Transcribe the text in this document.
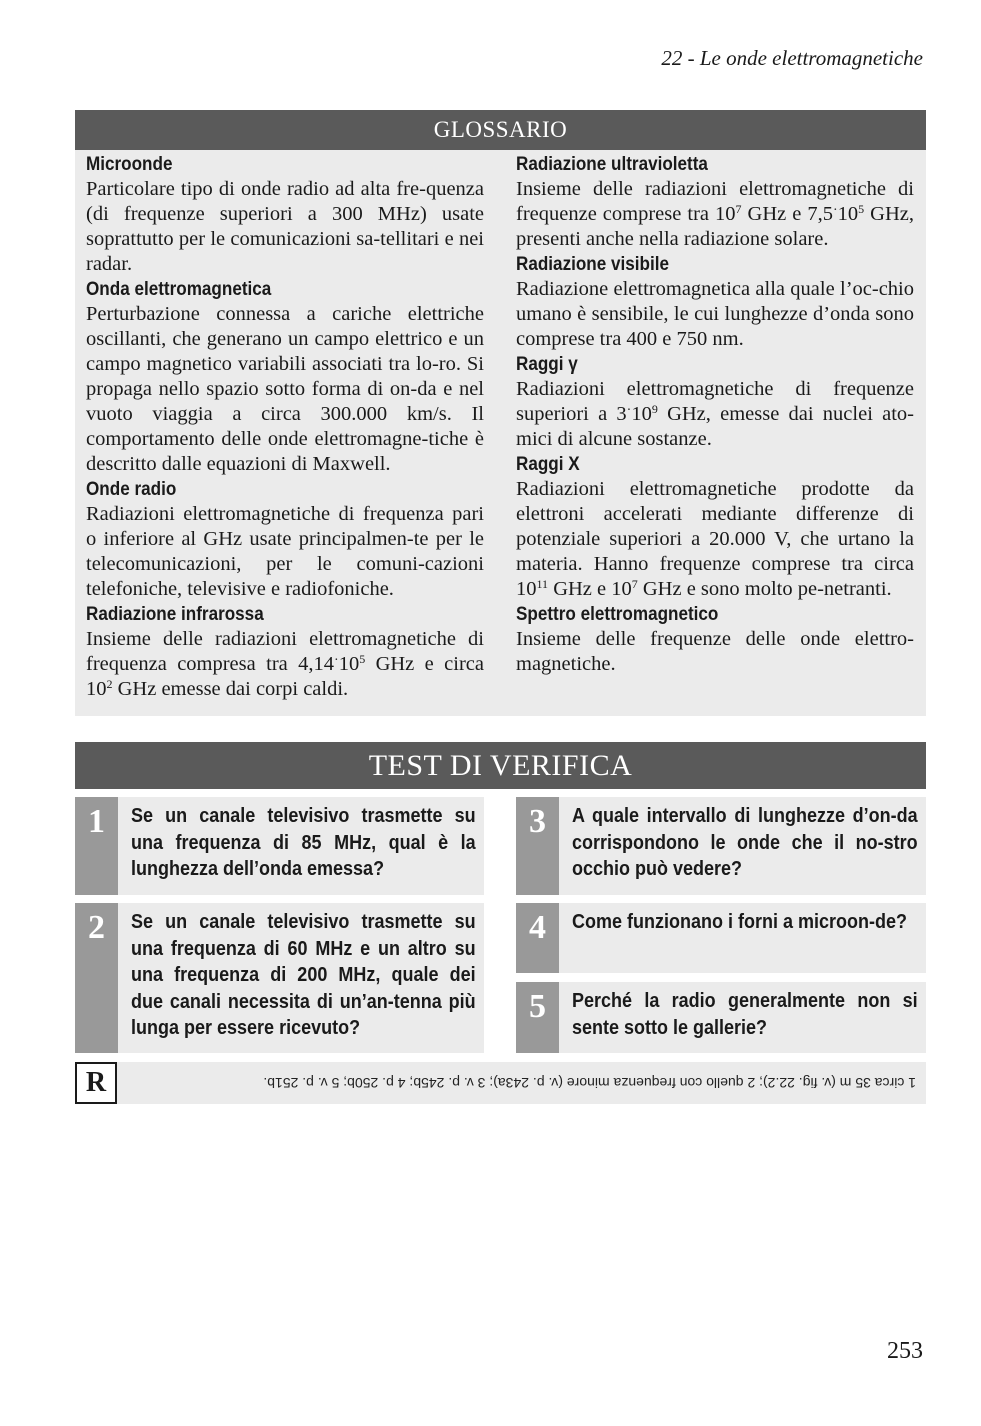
22 - Le onde elettromagnetiche
GLOSSARIO
Microonde
Particolare tipo di onde radio ad alta fre-quenza (di frequenze superiori a 300 MHz) usate soprattutto per le comunicazioni sa-tellitari e nei radar.
Onda elettromagnetica
Perturbazione connessa a cariche elettriche oscillanti, che generano un campo elettrico e un campo magnetico variabili associati tra lo-ro. Si propaga nello spazio sotto forma di on-da e nel vuoto viaggia a circa 300.000 km/s. Il comportamento delle onde elettromagne-tiche è descritto dalle equazioni di Maxwell.
Onde radio
Radiazioni elettromagnetiche di frequenza pari o inferiore al GHz usate principalmen-te per le telecomunicazioni, per le comuni-cazioni telefoniche, televisive e radiofoniche.
Radiazione infrarossa
Insieme delle radiazioni elettromagnetiche di frequenza compresa tra $4,14^\cdot 10^5$ GHz e circa $10^2$ GHz emesse dai corpi caldi.
Radiazione ultravioletta
Insieme delle radiazioni elettromagnetiche di frequenze comprese tra $10^7$ GHz e $7,5^\cdot 10^5$ GHz, presenti anche nella radiazione solare.
Radiazione visibile
Radiazione elettromagnetica alla quale l’oc-chio umano è sensibile, le cui lunghezze d’onda sono comprese tra 400 e 750 nm.
Raggi γ
Radiazioni elettromagnetiche di frequenze superiori a $3^\cdot 10^9$ GHz, emesse dai nuclei ato-mici di alcune sostanze.
Raggi X
Radiazioni elettromagnetiche prodotte da elettroni accelerati mediante differenze di potenziale superiori a 20.000 V, che urtano la materia. Hanno frequenze comprese tra circa $10^{11}$ GHz e $10^7$ GHz e sono molto pe-netranti.
Spettro elettromagnetico
Insieme delle frequenze delle onde elettro-magnetiche.
TEST DI VERIFICA
1	Se un canale televisivo trasmette su una frequenza di 85 MHz, qual è la lunghezza dell’onda emessa?
2	Se un canale televisivo trasmette su una frequenza di 60 MHz e un altro su una frequenza di 200 MHz, quale dei due canali necessita di un’an-tenna più lunga per essere ricevuto?
3	A quale intervallo di lunghezze d’on-da corrispondono le onde che il no-stro occhio può vedere?
4	Come funzionano i forni a microon-de?
5	Perché la radio generalmente non si sente sotto le gallerie?
R	1 circa 35 m (v. fig. 22.2); 2 quello con frequenza minore (v. p. 243a); 3 v. p. 245b; 4 p. 250b; 5 v. p. 251b.
253
